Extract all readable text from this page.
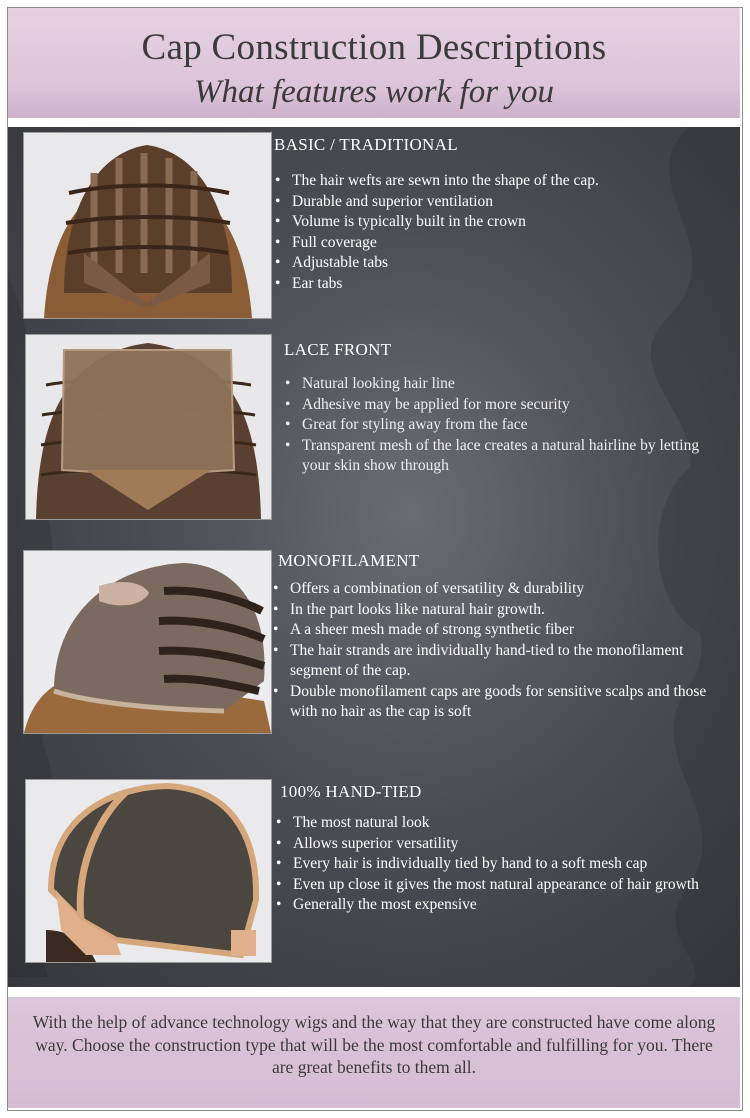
Cap Construction Descriptions
What features work for you
BASIC / TRADITIONAL
• The hair wefts are sewn into the shape of the cap.
• Durable and superior ventilation
• Volume is typically built in the crown
• Full coverage
• Adjustable tabs
• Ear tabs
LACE FRONT
• Natural looking hair line
• Adhesive may be applied for more security
• Great for styling away from the face
• Transparent mesh of the lace creates a natural hairline by letting your skin show through
MONOFILAMENT
• Offers a combination of versatility & durability
• In the part looks like natural hair growth.
• A a sheer mesh made of strong synthetic fiber
• The hair strands are individually hand-tied to the monofilament segment of the cap.
• Double monofilament caps are goods for sensitive scalps and those with no hair as the cap is soft
100% HAND-TIED
• The most natural look
• Allows superior versatility
• Every hair is individually tied by hand to a soft mesh cap
• Even up close it gives the most natural appearance of hair growth
• Generally the most expensive
With the help of advance technology wigs and the way that they are constructed have come along way. Choose the construction type that will be the most comfortable and fulfilling for you. There are great benefits to them all.
